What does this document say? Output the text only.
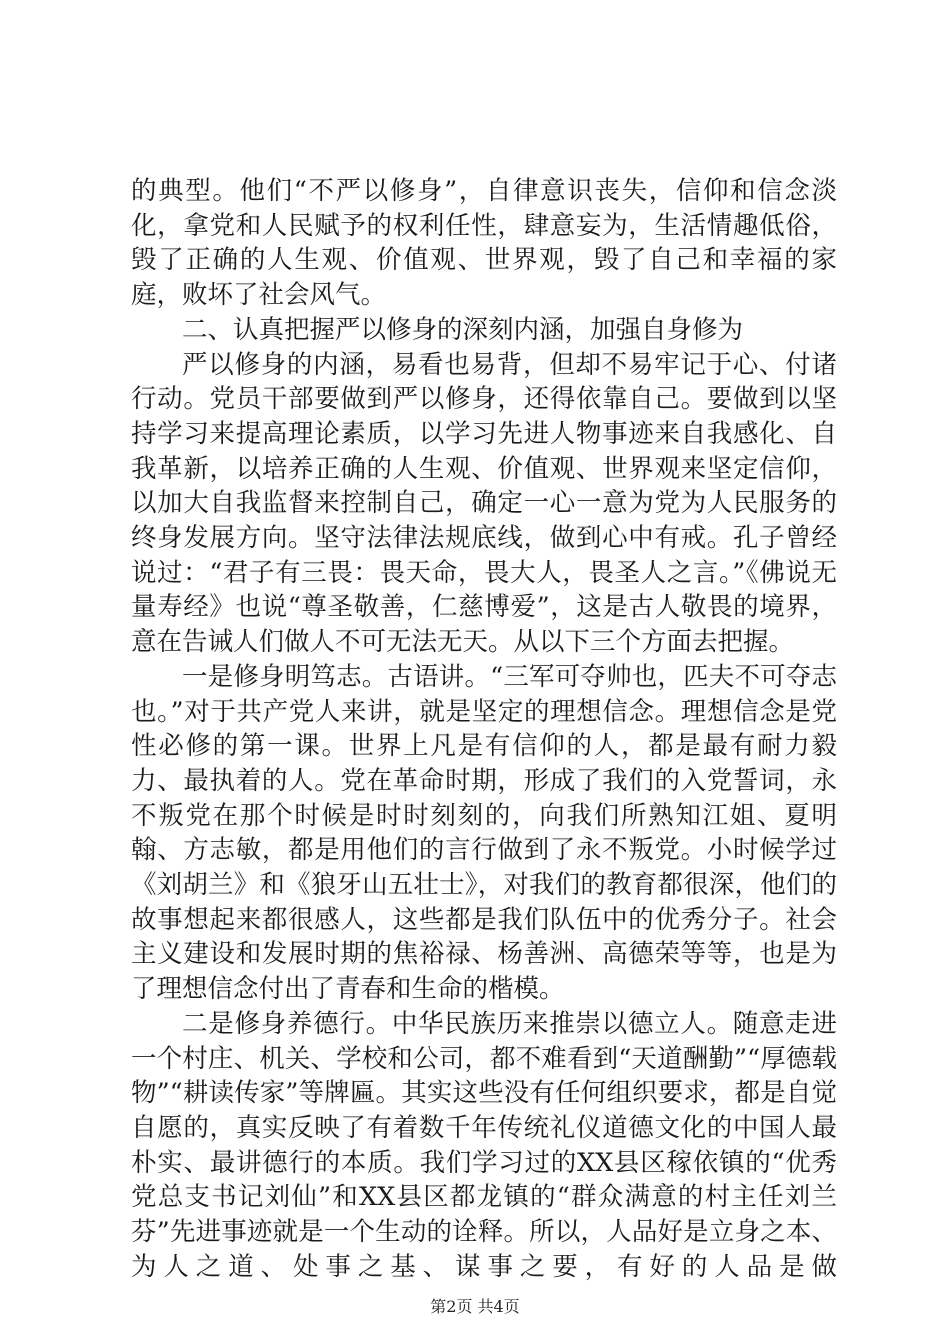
的典型。他们“不严以修身”，自律意识丧失，信仰和信念淡化，拿党和人民赋予的权利任性，肆意妄为，生活情趣低俗，毁了正确的人生观、价值观、世界观，毁了自己和幸福的家庭，败坏了社会风气。

二、认真把握严以修身的深刻内涵，加强自身修为

严以修身的内涵，易看也易背，但却不易牢记于心、付诸行动。党员干部要做到严以修身，还得依靠自己。要做到以坚持学习来提高理论素质，以学习先进人物事迹来自我感化、自我革新，以培养正确的人生观、价值观、世界观来坚定信仰，以加大自我监督来控制自己，确定一心一意为党为人民服务的终身发展方向。坚守法律法规底线，做到心中有戒。孔子曾经说过：“君子有三畏：畏天命，畏大人，畏圣人之言。”《佛说无量寿经》也说“尊圣敬善，仁慈博爱”，这是古人敬畏的境界，意在告诫人们做人不可无法无天。从以下三个方面去把握。

一是修身明笃志。古语讲。“三军可夺帅也，匹夫不可夺志也。”对于共产党人来讲，就是坚定的理想信念。理想信念是党性必修的第一课。世界上凡是有信仰的人，都是最有耐力毅力、最执着的人。党在革命时期，形成了我们的入党誓词，永不叛党在那个时候是时时刻刻的，向我们所熟知江姐、夏明翰、方志敏，都是用他们的言行做到了永不叛党。小时候学过《刘胡兰》和《狼牙山五壮士》，对我们的教育都很深，他们的故事想起来都很感人，这些都是我们队伍中的优秀分子。社会主义建设和发展时期的焦裕禄、杨善洲、高德荣等等，也是为了理想信念付出了青春和生命的楷模。

二是修身养德行。中华民族历来推崇以德立人。随意走进一个村庄、机关、学校和公司，都不难看到“天道酬勤”“厚德载物”“耕读传家”等牌匾。其实这些没有任何组织要求，都是自觉自愿的，真实反映了有着数千年传统礼仪道德文化的中国人最朴实、最讲德行的本质。我们学习过的XX县区稼依镇的“优秀党总支书记刘仙”和XX县区都龙镇的“群众满意的村主任刘兰芬”先进事迹就是一个生动的诠释。所以，人品好是立身之本、为人之道、处事之基、谋事之要，有好的人品是做

第2页 共4页
